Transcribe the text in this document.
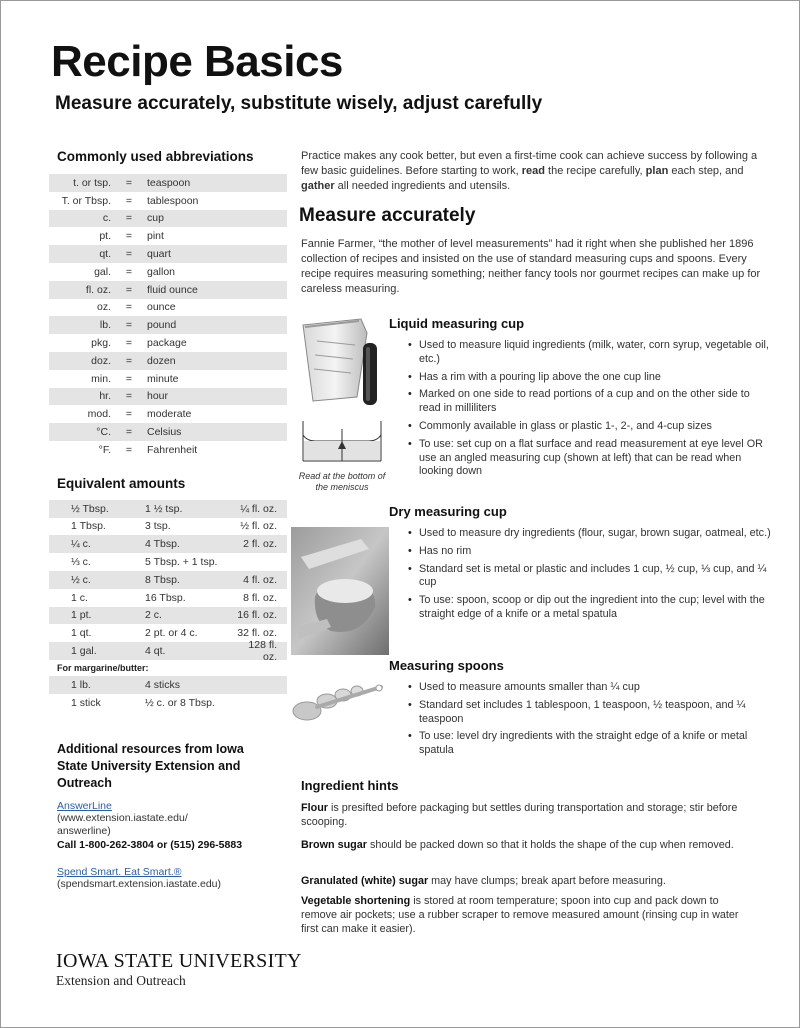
Recipe Basics
Measure accurately, substitute wisely, adjust carefully
Commonly used abbreviations
t. or tsp.	=	teaspoon
T. or Tbsp.	=	tablespoon
c.	=	cup
pt.	=	pint
qt.	=	quart
gal.	=	gallon
fl. oz.	=	fluid ounce
oz.	=	ounce
lb.	=	pound
pkg.	=	package
doz.	=	dozen
min.	=	minute
hr.	=	hour
mod.	=	moderate
°C.	=	Celsius
°F.	=	Fahrenheit
Equivalent amounts
½ Tbsp.	1 ½ tsp.	¼ fl. oz.
1 Tbsp.	3 tsp.	½ fl. oz.
¼ c.	4 Tbsp.	2 fl. oz.
⅓ c.	5 Tbsp. + 1 tsp.
½ c.	8 Tbsp.	4 fl. oz.
1 c.	16 Tbsp.	8 fl. oz.
1 pt.	2 c.	16 fl. oz.
1 qt.	2 pt. or 4 c.	32 fl. oz.
1 gal.	4 qt.	128 fl. oz.
For margarine/butter:
1 lb.	4 sticks
1 stick	½ c. or 8 Tbsp.
Additional resources from Iowa
State University Extension and
Outreach
AnswerLine
(www.extension.iastate.edu/
answerline)
Call 1-800-262-3804 or (515) 296-5883
Spend Smart. Eat Smart.®
(spendsmart.extension.iastate.edu)
IOWA STATE UNIVERSITY
Extension and Outreach
Practice makes any cook better, but even a first-time cook can achieve success by following a few basic guidelines. Before starting to work, read the recipe carefully, plan each step, and gather all needed ingredients and utensils.
Measure accurately
Fannie Farmer, “the mother of level measurements” had it right when she published her 1896 collection of recipes and insisted on the use of standard measuring cups and spoons. Every recipe requires measuring something; neither fancy tools nor gourmet recipes can make up for careless measuring.
Read at the bottom of the meniscus
Liquid measuring cup
• Used to measure liquid ingredients (milk, water, corn syrup, vegetable oil, etc.)
• Has a rim with a pouring lip above the one cup line
• Marked on one side to read portions of a cup and on the other side to read in milliliters
• Commonly available in glass or plastic 1-, 2-, and 4-cup sizes
• To use: set cup on a flat surface and read measurement at eye level OR use an angled measuring cup (shown at left) that can be read when looking down
Dry measuring cup
• Used to measure dry ingredients (flour, sugar, brown sugar, oatmeal, etc.)
• Has no rim
• Standard set is metal or plastic and includes 1 cup, ½ cup, ⅓ cup, and ¼ cup
• To use: spoon, scoop or dip out the ingredient into the cup; level with the straight edge of a knife or a metal spatula
Measuring spoons
• Used to measure amounts smaller than ¼ cup
• Standard set includes 1 tablespoon, 1 teaspoon, ½ teaspoon, and ¼ teaspoon
• To use: level dry ingredients with the straight edge of a knife or metal spatula
Ingredient hints
Flour is presifted before packaging but settles during transportation and storage; stir before scooping.
Brown sugar should be packed down so that it holds the shape of the cup when removed.
Granulated (white) sugar may have clumps; break apart before measuring.
Vegetable shortening is stored at room temperature; spoon into cup and pack down to remove air pockets; use a rubber scraper to remove measured amount (rinsing cup in water first can make it easier).
